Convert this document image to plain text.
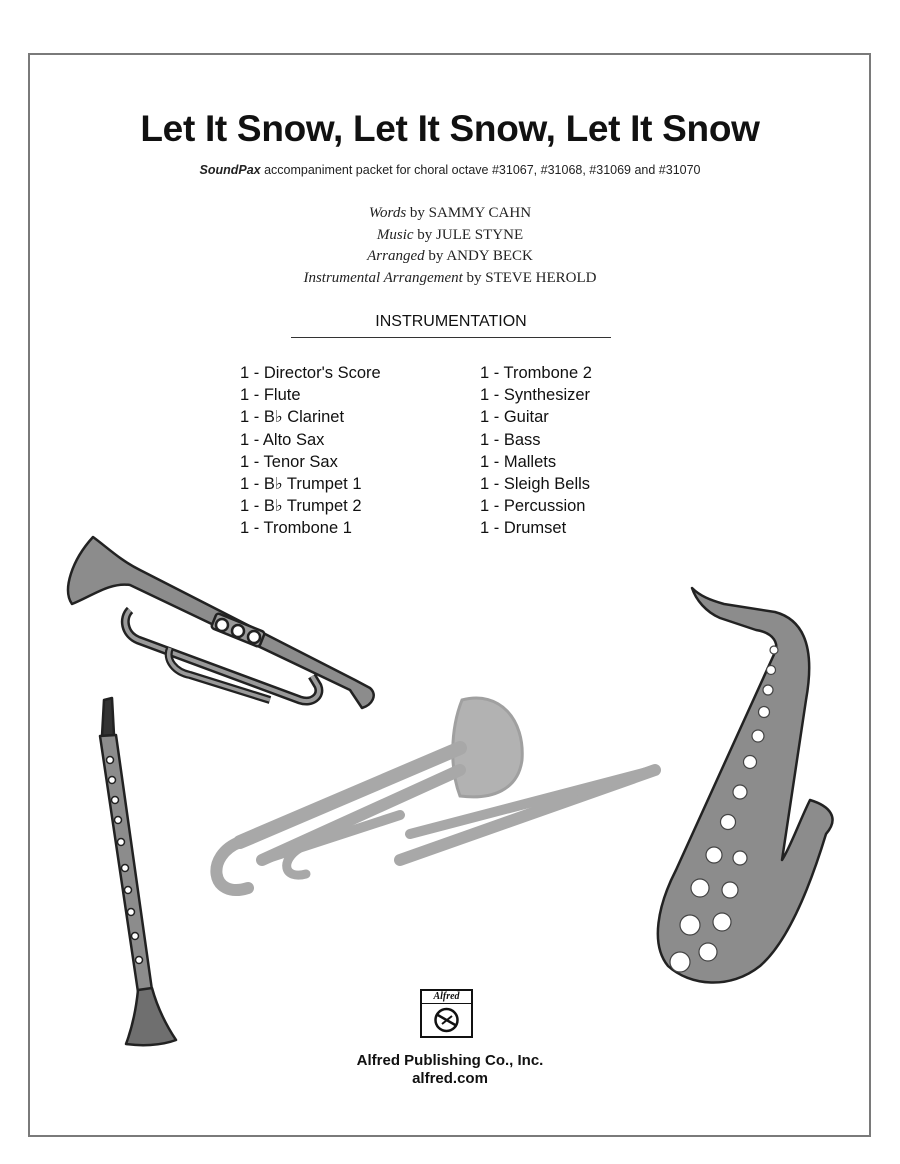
Let It Snow, Let It Snow, Let It Snow
SoundPax accompaniment packet for choral octave #31067, #31068, #31069 and #31070
Words by SAMMY CAHN
Music by JULE STYNE
Arranged by ANDY BECK
Instrumental Arrangement by STEVE HEROLD
INSTRUMENTATION
1 - Director's Score
1 - Flute
1 - B♭ Clarinet
1 - Alto Sax
1 - Tenor Sax
1 - B♭ Trumpet 1
1 - B♭ Trumpet 2
1 - Trombone 1
1 - Trombone 2
1 - Synthesizer
1 - Guitar
1 - Bass
1 - Mallets
1 - Sleigh Bells
1 - Percussion
1 - Drumset
Alfred
Alfred Publishing Co., Inc.
alfred.com
